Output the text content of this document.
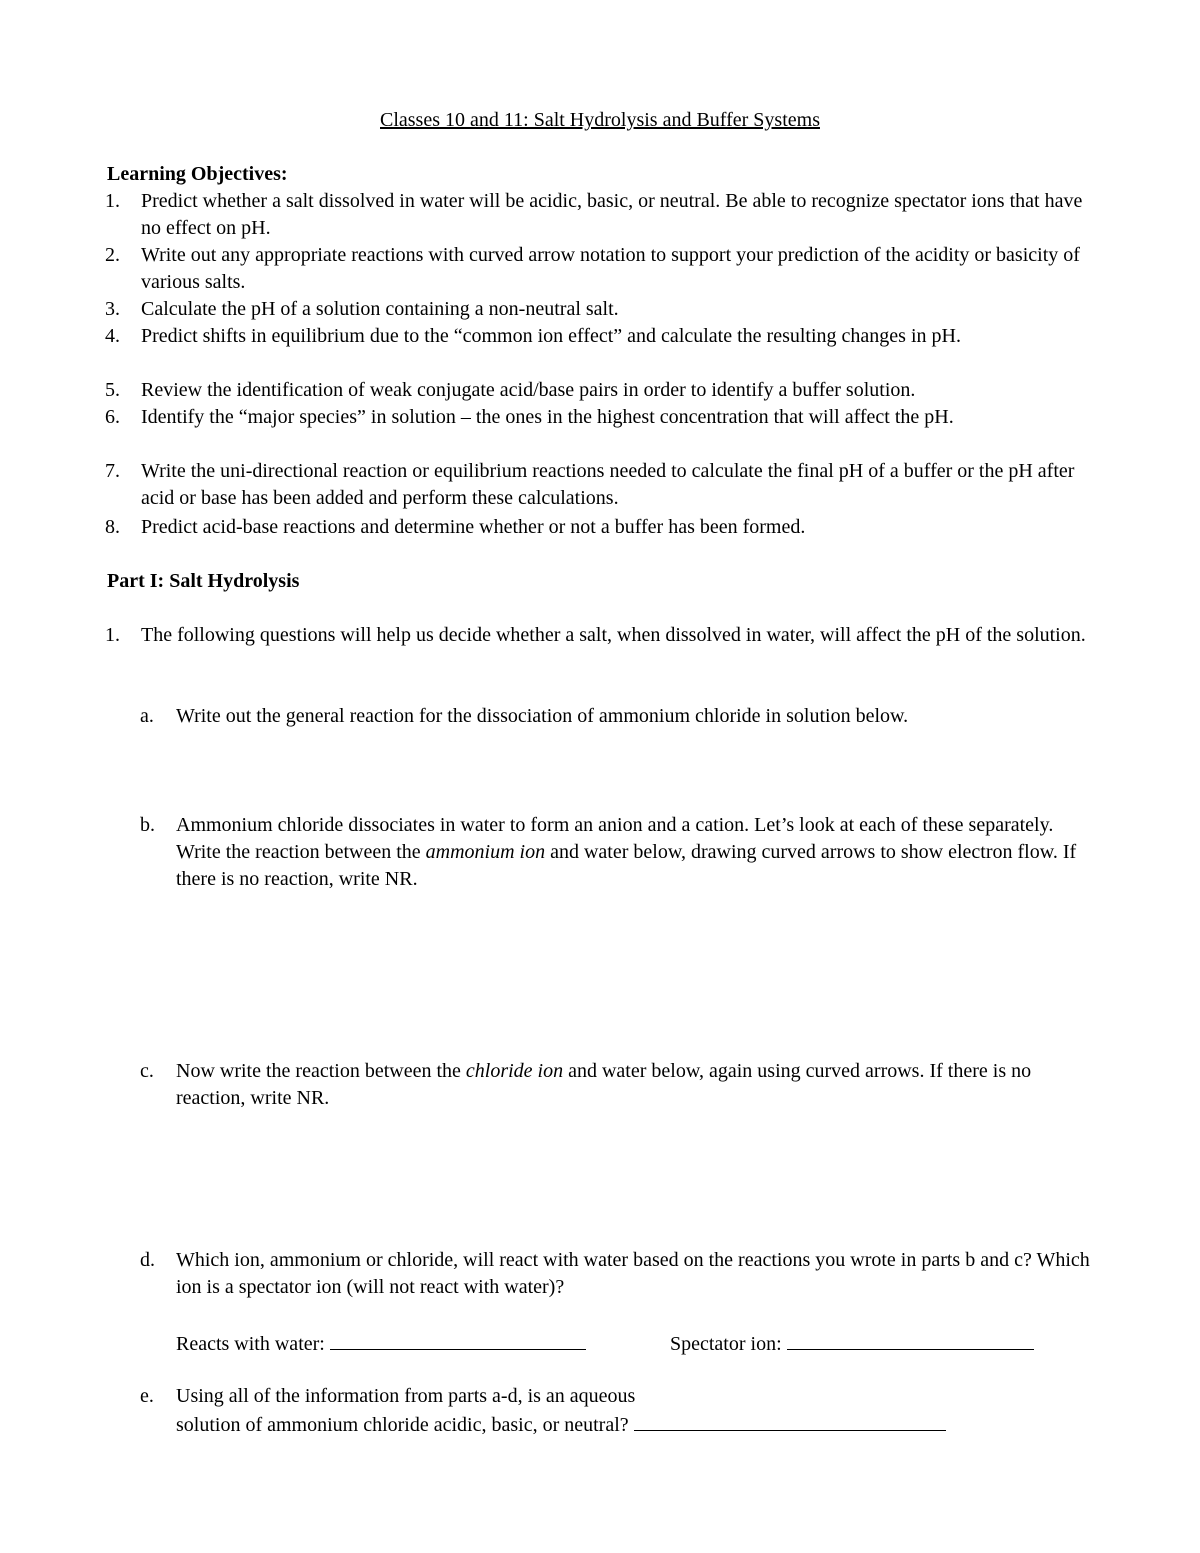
Classes 10 and 11: Salt Hydrolysis and Buffer Systems
Learning Objectives:
1. Predict whether a salt dissolved in water will be acidic, basic, or neutral. Be able to recognize spectator ions that have no effect on pH.
2. Write out any appropriate reactions with curved arrow notation to support your prediction of the acidity or basicity of various salts.
3. Calculate the pH of a solution containing a non-neutral salt.
4. Predict shifts in equilibrium due to the “common ion effect” and calculate the resulting changes in pH.
5. Review the identification of weak conjugate acid/base pairs in order to identify a buffer solution.
6. Identify the “major species” in solution – the ones in the highest concentration that will affect the pH.
7. Write the uni-directional reaction or equilibrium reactions needed to calculate the final pH of a buffer or the pH after acid or base has been added and perform these calculations.
8. Predict acid-base reactions and determine whether or not a buffer has been formed.
Part I: Salt Hydrolysis
1. The following questions will help us decide whether a salt, when dissolved in water, will affect the pH of the solution.
a. Write out the general reaction for the dissociation of ammonium chloride in solution below.
b. Ammonium chloride dissociates in water to form an anion and a cation. Let’s look at each of these separately. Write the reaction between the ammonium ion and water below, drawing curved arrows to show electron flow. If there is no reaction, write NR.
c. Now write the reaction between the chloride ion and water below, again using curved arrows. If there is no reaction, write NR.
d. Which ion, ammonium or chloride, will react with water based on the reactions you wrote in parts b and c? Which ion is a spectator ion (will not react with water)?
Reacts with water:	Spectator ion:
e. Using all of the information from parts a-d, is an aqueous
solution of ammonium chloride acidic, basic, or neutral?
